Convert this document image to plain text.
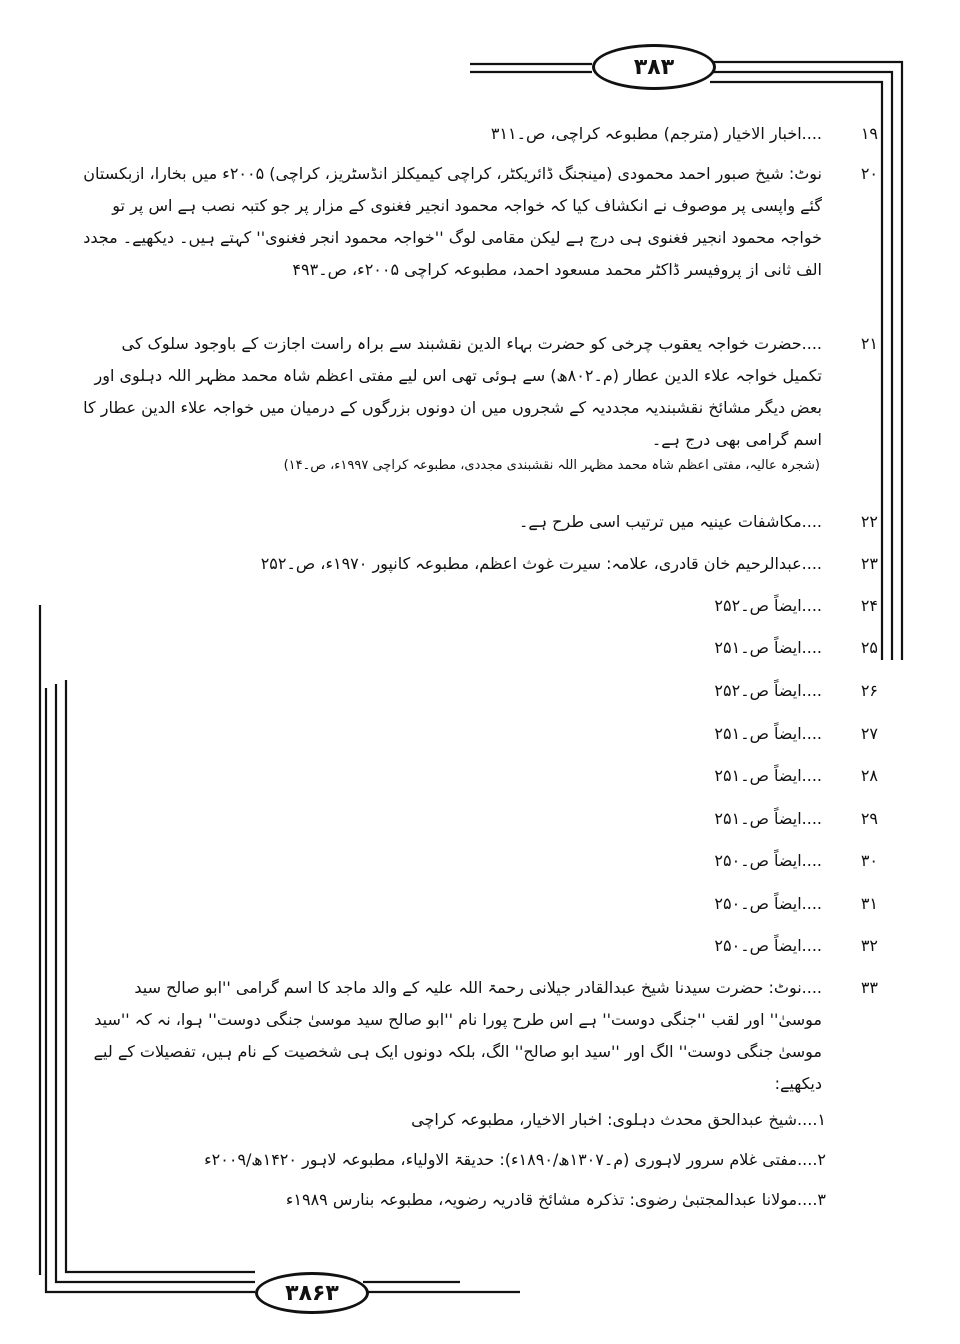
۳۸۳
۳۸۶۳
۱۹
....اخبار الاخیار (مترجم) مطبوعہ کراچی، ص۔۳۱۱
۲۰
نوٹ: شیخ صبور احمد محمودی (مینجنگ ڈائریکٹر، کراچی کیمیکلز انڈسٹریز، کراچی) ۲۰۰۵ء میں بخارا، ازبکستان گئے واپسی پر موصوف نے انکشاف کیا کہ خواجہ محمود انجیر فغنوی کے مزار پر جو کتبہ نصب ہے اس پر تو خواجہ محمود انجیر فغنوی ہی درج ہے لیکن مقامی لوگ ''خواجہ محمود انجر فغنوی'' کہتے ہیں۔ دیکھیے۔ مجدد الف ثانی از پروفیسر ڈاکٹر محمد مسعود احمد، مطبوعہ کراچی ۲۰۰۵ء، ص۔۴۹۳
۲۱
....حضرت خواجہ یعقوب چرخی کو حضرت بہاء الدین نقشبند سے براہ راست اجازت کے باوجود سلوک کی تکمیل خواجہ علاء الدین عطار (م۔۸۰۲ھ) سے ہوئی تھی اس لیے مفتی اعظم شاہ محمد مظہر اللہ دہلوی اور بعض دیگر مشائخ نقشبندیہ مجددیہ کے شجروں میں ان دونوں بزرگوں کے درمیان میں خواجہ علاء الدین عطار کا اسم گرامی بھی درج ہے۔
(شجرہ عالیہ، مفتی اعظم شاہ محمد مظہر اللہ نقشبندی مجددی، مطبوعہ کراچی ۱۹۹۷ء، ص۔۱۴)
۲۲
....مکاشفات عینیہ میں ترتیب اسی طرح ہے۔
۲۳
....عبدالرحیم خان قادری، علامہ: سیرت غوث اعظم، مطبوعہ کانپور ۱۹۷۰ء، ص۔۲۵۲
۲۴
....ایضاً ص۔۲۵۲
۲۵
....ایضاً ص۔۲۵۱
۲۶
....ایضاً ص۔۲۵۲
۲۷
....ایضاً ص۔۲۵۱
۲۸
....ایضاً ص۔۲۵۱
۲۹
....ایضاً ص۔۲۵۱
۳۰
....ایضاً ص۔۲۵۰
۳۱
....ایضاً ص۔۲۵۰
۳۲
....ایضاً ص۔۲۵۰
۳۳
....نوٹ: حضرت سیدنا شیخ عبدالقادر جیلانی رحمۃ اللہ علیہ کے والد ماجد کا اسم گرامی ''ابو صالح سید موسیٰ'' اور لقب ''جنگی دوست'' ہے اس طرح پورا نام ''ابو صالح سید موسیٰ جنگی دوست'' ہوا، نہ کہ ''سید موسیٰ جنگی دوست'' الگ اور ''سید ابو صالح'' الگ، بلکہ دونوں ایک ہی شخصیت کے نام ہیں، تفصیلات کے لیے دیکھیے:
۱....شیخ عبدالحق محدث دہلوی: اخبار الاخیار، مطبوعہ کراچی
۲....مفتی غلام سرور لاہوری (م۔۱۳۰۷ھ/۱۸۹۰ء): حدیقۃ الاولیاء، مطبوعہ لاہور ۱۴۲۰ھ/۲۰۰۹ء
۳....مولانا عبدالمجتبیٰ رضوی: تذکرہ مشائخ قادریہ رضویہ، مطبوعہ بنارس ۱۹۸۹ء
